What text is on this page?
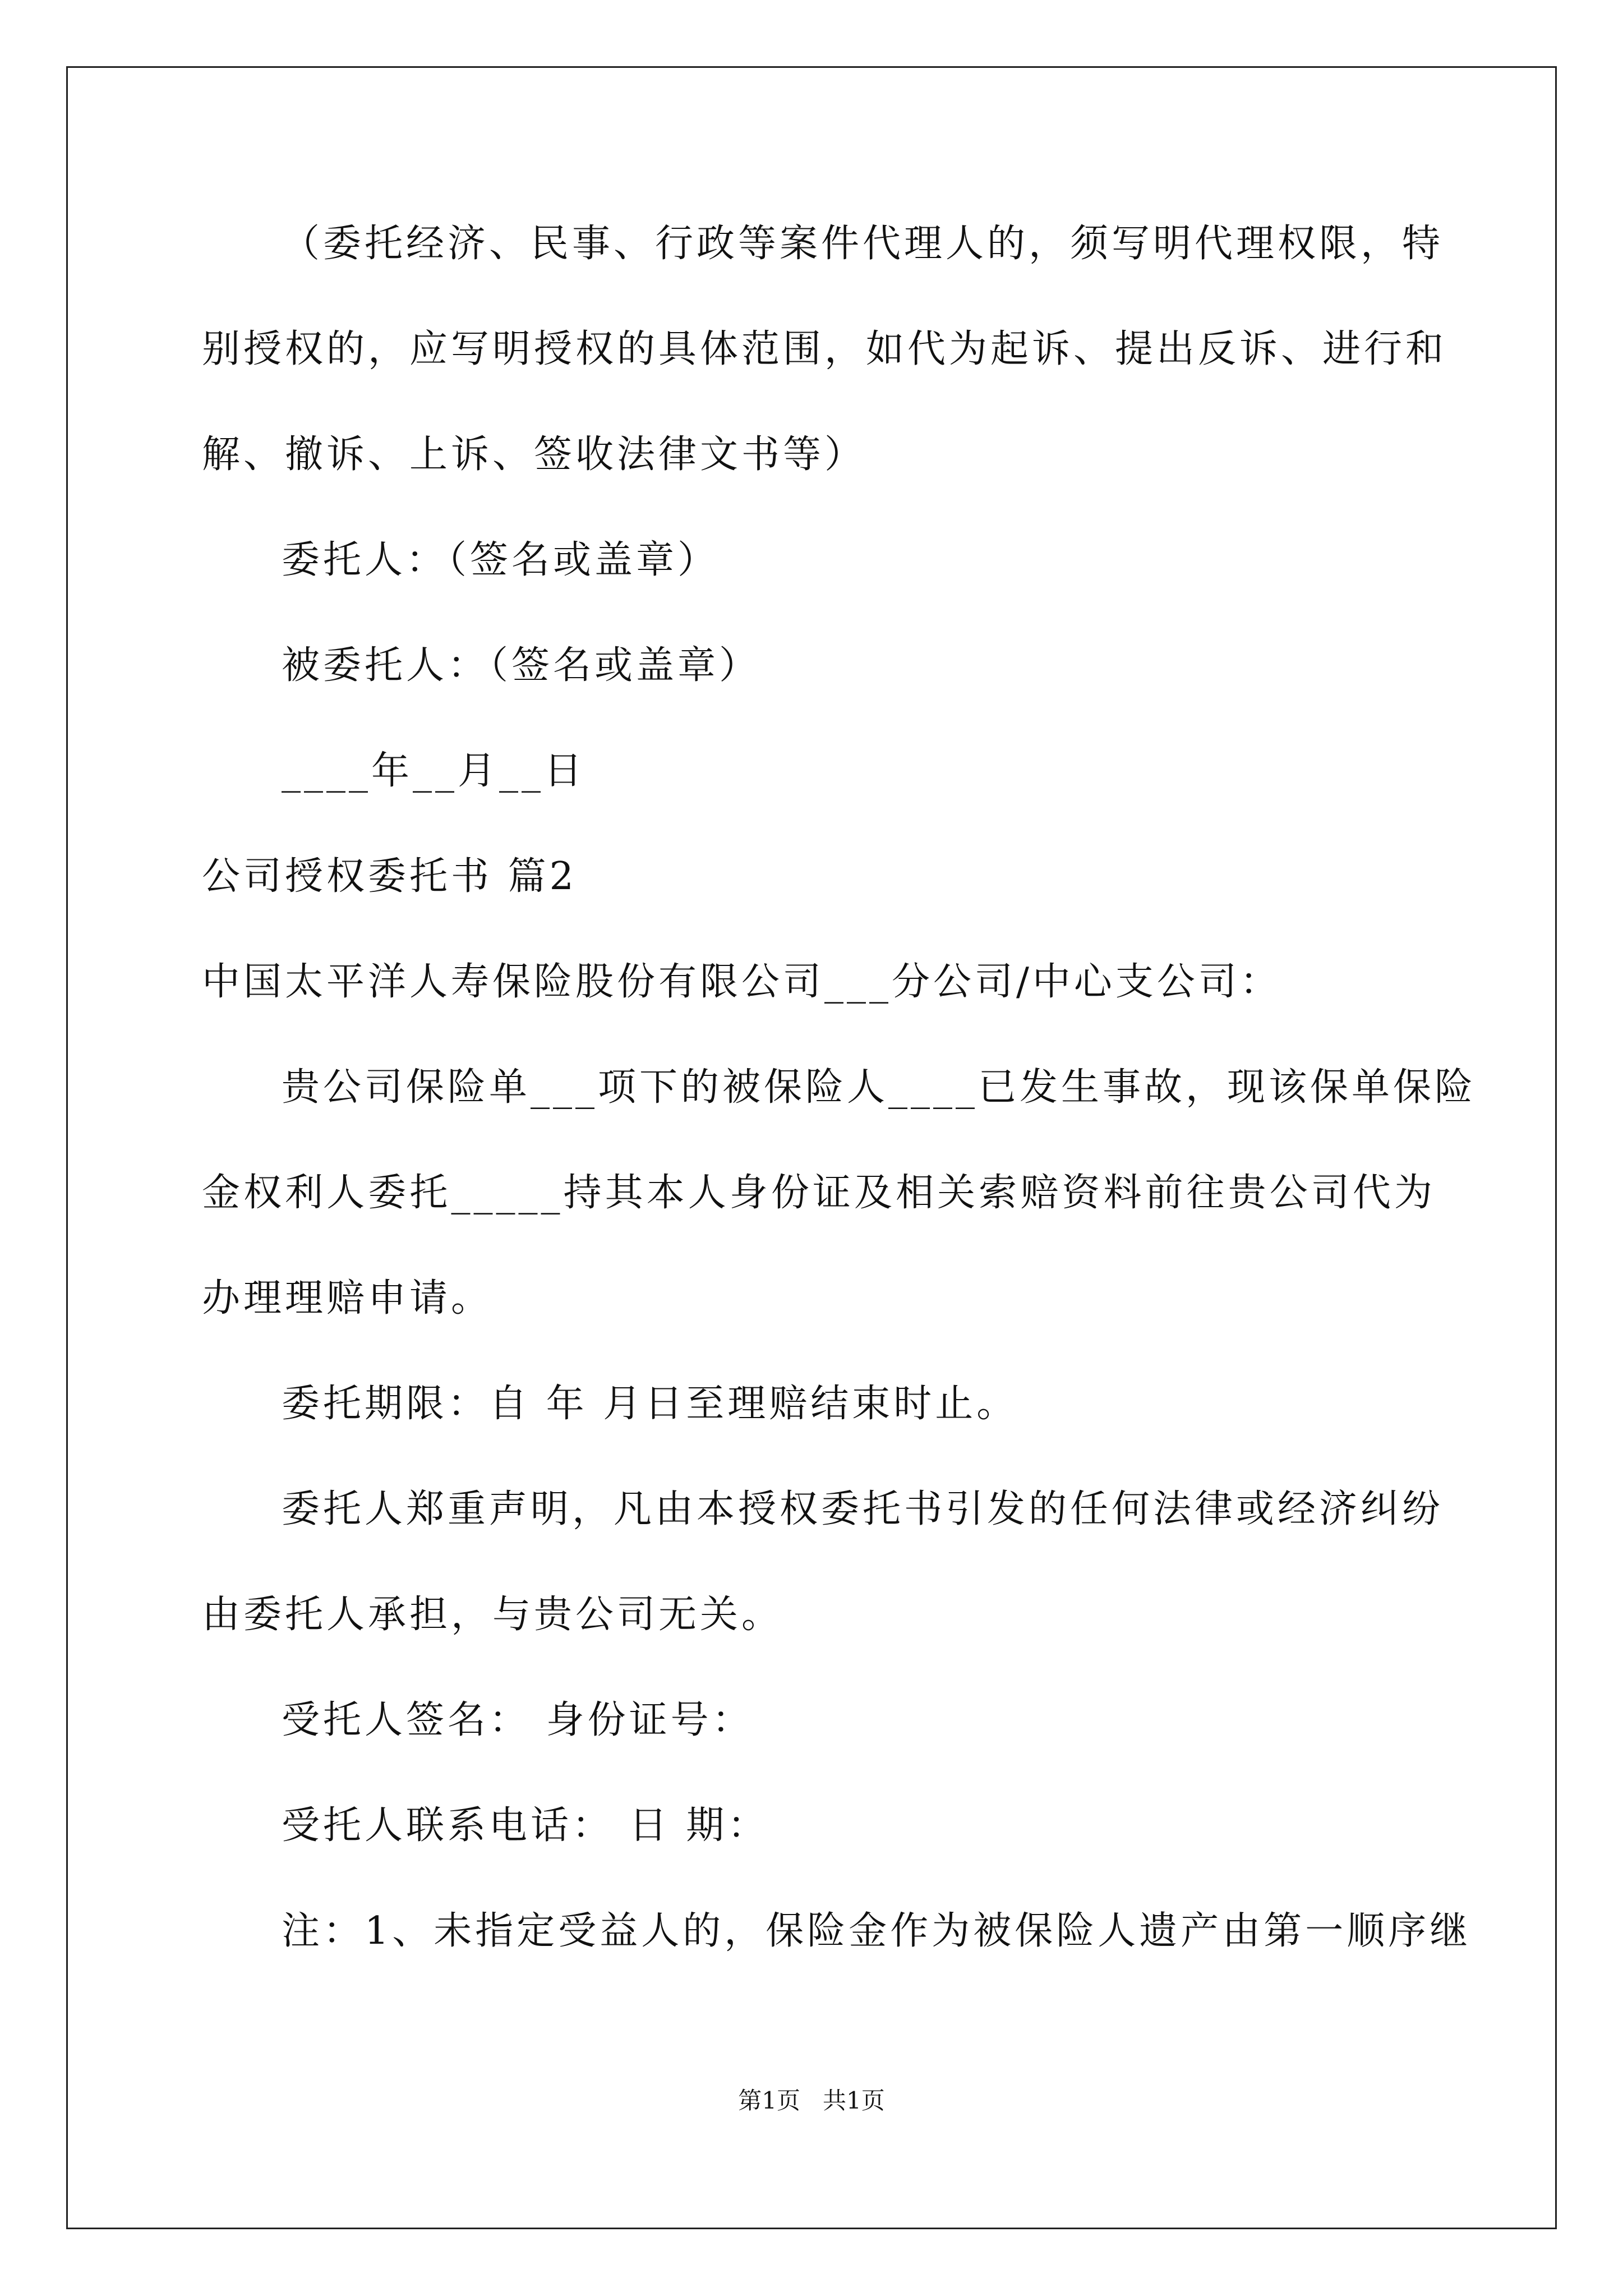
（委托经济、民事、行政等案件代理人的，须写明代理权限，特
别授权的，应写明授权的具体范围，如代为起诉、提出反诉、进行和
解、撤诉、上诉、签收法律文书等）
委托人：（签名或盖章）
被委托人：（签名或盖章）
____年__月__日
公司授权委托书 篇2
中国太平洋人寿保险股份有限公司___分公司/中心支公司：
贵公司保险单___项下的被保险人____已发生事故，现该保单保险
金权利人委托_____持其本人身份证及相关索赔资料前往贵公司代为
办理理赔申请。
委托期限：自 年 月日至理赔结束时止。
委托人郑重声明，凡由本授权委托书引发的任何法律或经济纠纷
由委托人承担，与贵公司无关。
受托人签名： 身份证号：
受托人联系电话： 日 期：
注：1、未指定受益人的，保险金作为被保险人遗产由第一顺序继
第1页   共1页
